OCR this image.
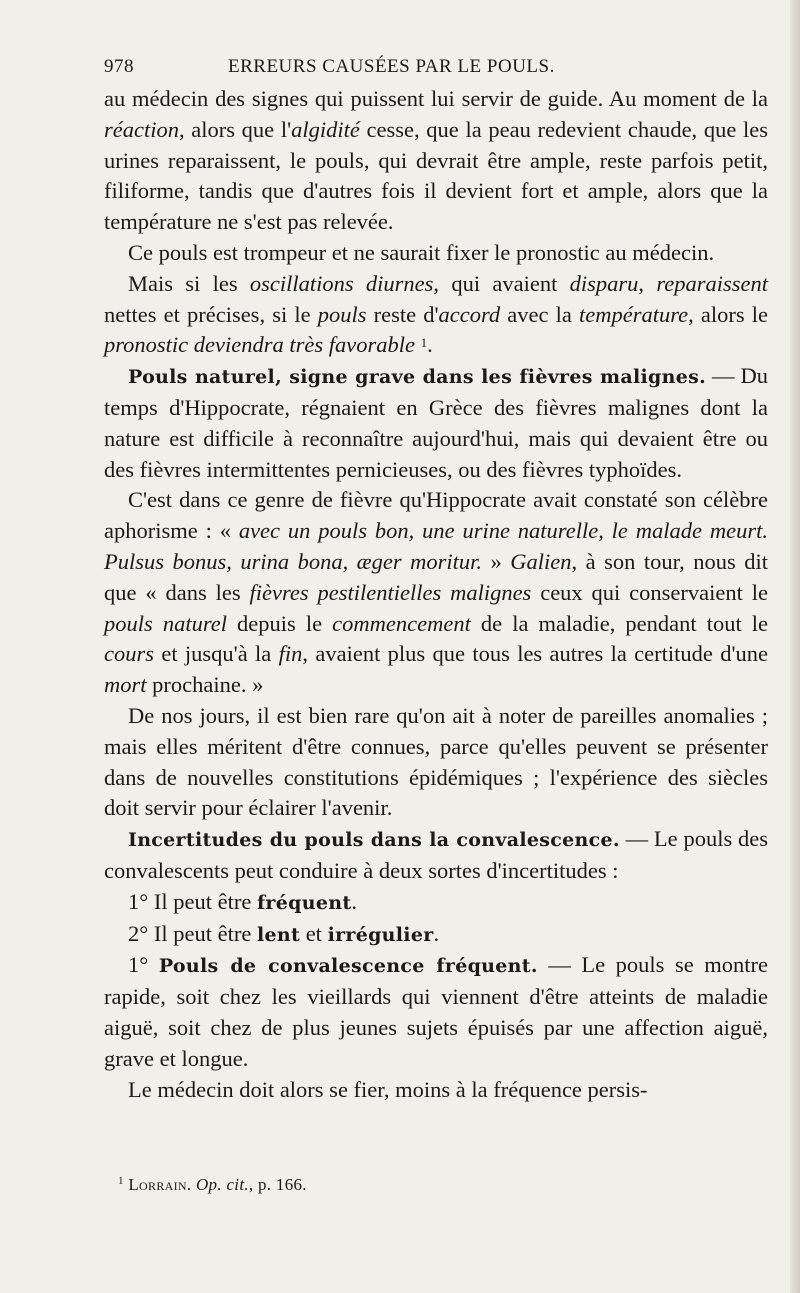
978	ERREURS CAUSÉES PAR LE POULS.

au médecin des signes qui puissent lui servir de guide. Au moment de la réaction, alors que l'algidité cesse, que la peau redevient chaude, que les urines reparaissent, le pouls, qui devrait être ample, reste parfois petit, filiforme, tandis que d'autres fois il devient fort et ample, alors que la température ne s'est pas relevée.

Ce pouls est trompeur et ne saurait fixer le pronostic au médecin.

Mais si les oscillations diurnes, qui avaient disparu, reparaissent nettes et précises, si le pouls reste d'accord avec la température, alors le pronostic deviendra très favorable $^1$.

Pouls naturel, signe grave dans les fièvres malignes. — Du temps d'Hippocrate, régnaient en Grèce des fièvres malignes dont la nature est difficile à reconnaître aujourd'hui, mais qui devaient être ou des fièvres intermittentes pernicieuses, ou des fièvres typhoïdes.

C'est dans ce genre de fièvre qu'Hippocrate avait constaté son célèbre aphorisme : « avec un pouls bon, une urine naturelle, le malade meurt. Pulsus bonus, urina bona, æger moritur. » Galien, à son tour, nous dit que « dans les fièvres pestilentielles malignes ceux qui conservaient le pouls naturel depuis le commencement de la maladie, pendant tout le cours et jusqu'à la fin, avaient plus que tous les autres la certitude d'une mort prochaine. »

De nos jours, il est bien rare qu'on ait à noter de pareilles anomalies ; mais elles méritent d'être connues, parce qu'elles peuvent se présenter dans de nouvelles constitutions épidémiques ; l'expérience des siècles doit servir pour éclairer l'avenir.

Incertitudes du pouls dans la convalescence. — Le pouls des convalescents peut conduire à deux sortes d'incertitudes :

1° Il peut être fréquent.

2° Il peut être lent et irrégulier.

1° Pouls de convalescence fréquent. — Le pouls se montre rapide, soit chez les vieillards qui viennent d'être atteints de maladie aiguë, soit chez de plus jeunes sujets épuisés par une affection aiguë, grave et longue.

Le médecin doit alors se fier, moins à la fréquence persis-

$^1$ Lorrain. Op. cit., p. 166.
